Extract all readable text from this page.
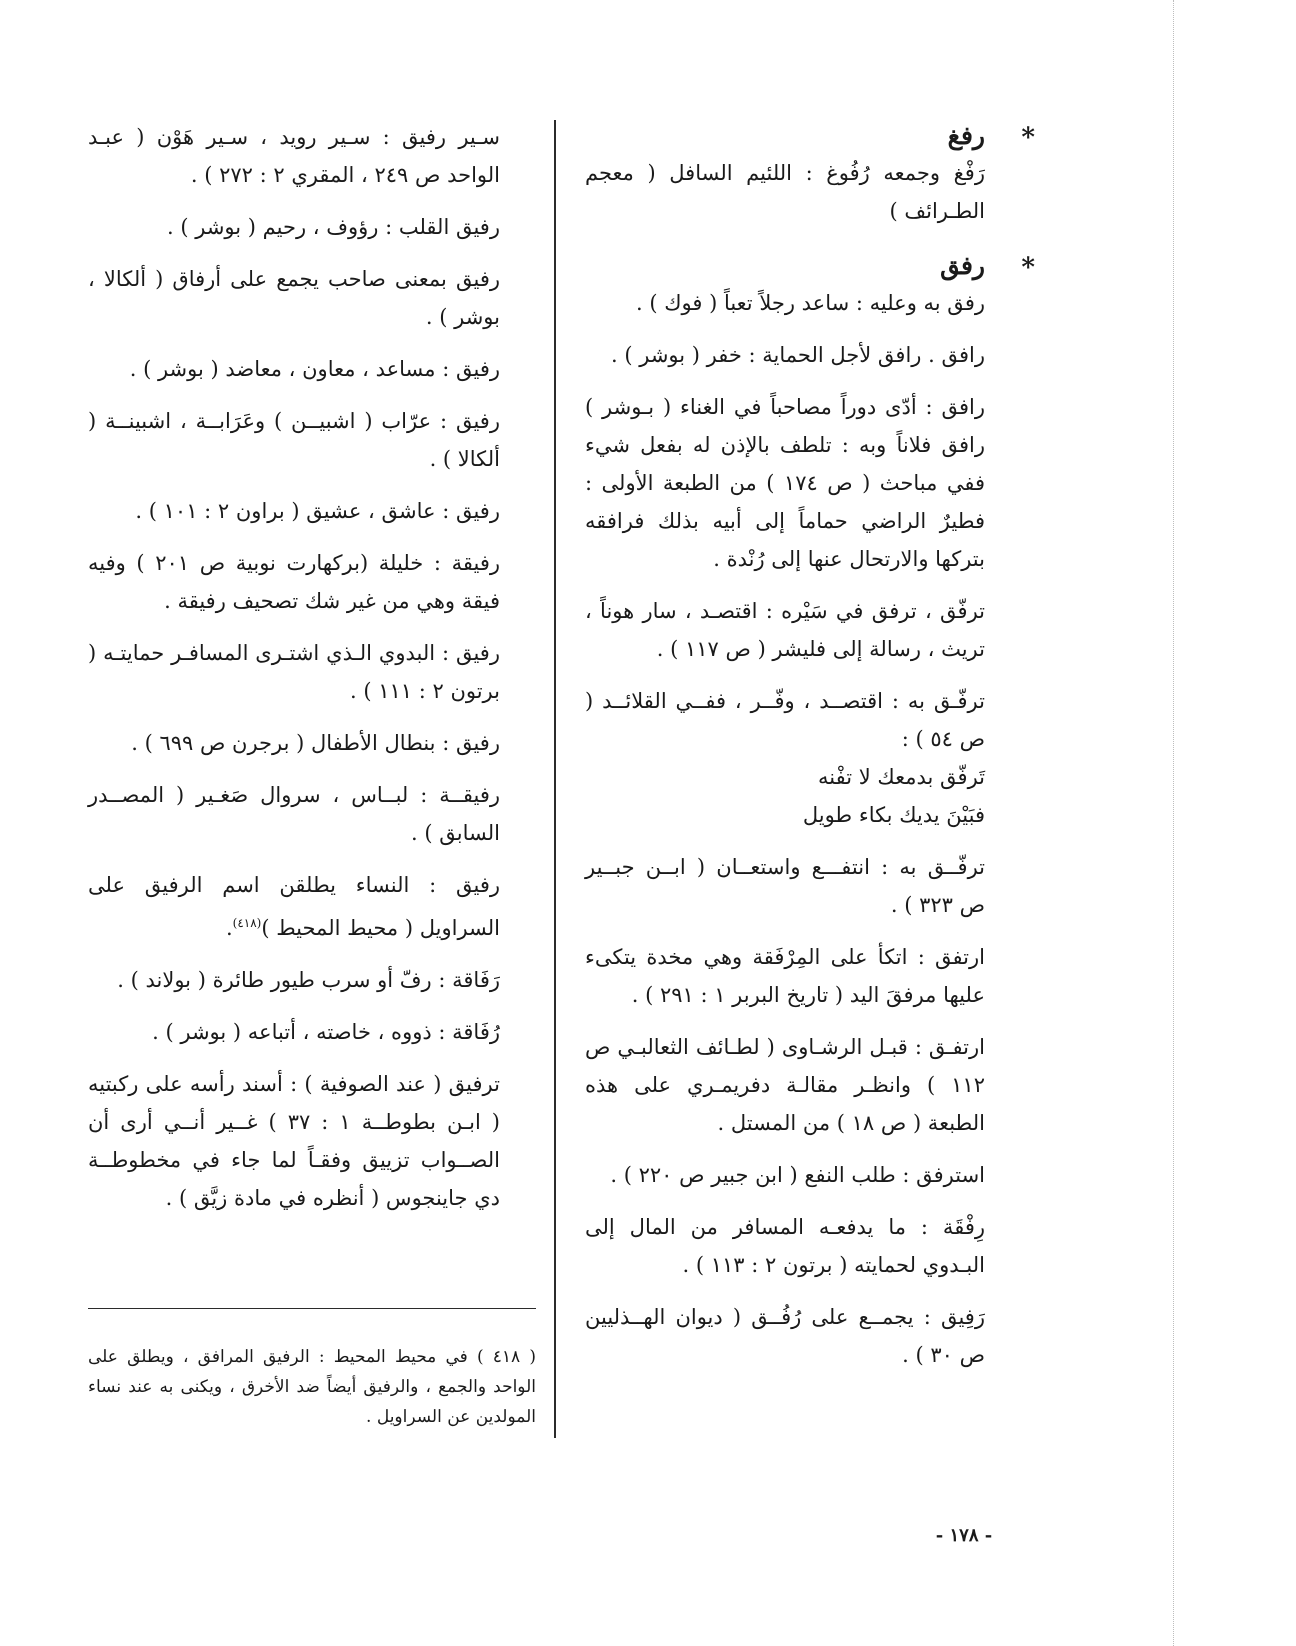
*
رفغ

رَفْغ وجمعه رُفُوغ : اللئيم السافل ( معجم الطـرائف )

*
رفق

رفق به وعليه : ساعد رجلاً تعباً ( فوك ) .

رافق . رافق لأجل الحماية : خفر ( بوشر ) .

رافق : أدّى دوراً مصاحباً في الغناء ( بـوشر ) رافق فلاناً وبه : تلطف بالإذن له بفعل شيء ففي مباحث ( ص ١٧٤ ) من الطبعة الأولى : فطيرٌ الراضي حماماً إلى أبيه بذلك فرافقه بتركها والارتحال عنها إلى رُنْدة .

ترفّق ، ترفق في سَيْره : اقتصـد ، سار هوناً ، تريث ، رسالة إلى فليشر ( ص ١١٧ ) .

ترفّـق به : اقتصــد ، وفّــر ، ففــي القلائــد ( ص ٥٤ ) :

تَرفّق بدمعك لا تفْنه

فبَيْنَ يديك بكاء طويل

ترفّــق به : انتفـــع واستعــان ( ابــن جبــير ص ٣٢٣ ) .

ارتفق : اتكأ على المِرْفَقة وهي مخدة يتكىء عليها مرفقَ اليد ( تاريخ البربر ١ : ٢٩١ ) .

ارتفـق : قبـل الرشـاوى ( لطـائف الثعالبـي ص ١١٢ ) وانظـر مقالـة دفريمـري على هذه الطبعة ( ص ١٨ ) من المستل .

استرفق : طلب النفع ( ابن جبير ص ٢٢٠ ) .

رِفْقَة : ما يدفعـه المسافر من المال إلى البـدوي لحمايته ( برتون ٢ : ١١٣ ) .

رَفِيق : يجمــع على رُفُــق ( ديوان الهــذليين ص ٣٠ ) .

سـير رفيق : سـير رويد ، سـير هَوْن ( عبـد الواحد ص ٢٤٩ ، المقري ٢ : ٢٧٢ ) .

رفيق القلب : رؤوف ، رحيم ( بوشر ) .

رفيق بمعنى صاحب يجمع على أرفاق ( ألكالا ، بوشر ) .

رفيق : مساعد ، معاون ، معاضد ( بوشر ) .

رفيق : عرّاب ( اشبيــن ) وعَرَابــة ، اشبينــة ( ألكالا ) .

رفيق : عاشق ، عشيق ( براون ٢ : ١٠١ ) .

رفيقة : خليلة (بركهارت نوبية ص ٢٠١ ) وفيه فيقة وهي من غير شك تصحيف رفيقة .

رفيق : البدوي الـذي اشتـرى المسافـر حمايتـه ( برتون ٢ : ١١١ ) .

رفيق : بنطال الأطفال ( برجرن ص ٦٩٩ ) .

رفيقــة : لبــاس ، سروال صَغـير ( المصــدر السابق ) .

رفيق : النساء يطلقن اسم الرفيق على السراويل ( محيط المحيط )$^{(٤١٨)}$.

رَفَاقة : رفّ أو سرب طيور طائرة ( بولاند ) .

رُفَاقة : ذووه ، خاصته ، أتباعه ( بوشر ) .

ترفيق ( عند الصوفية ) : أسند رأسه على ركبتيه ( ابـن بطوطــة ١ : ٣٧ ) غــير أنــي أرى أن الصــواب تزييق وفقـاً لما جاء في مخطوطــة دي جاينجوس ( أنظره في مادة زيَّق ) .

( ٤١٨ ) في محيط المحيط : الرفيق المرافق ، ويطلق على الواحد والجمع ، والرفيق أيضاً ضد الأخرق ، ويكنى به عند نساء المولدين عن السراويل .

- ١٧٨ -
